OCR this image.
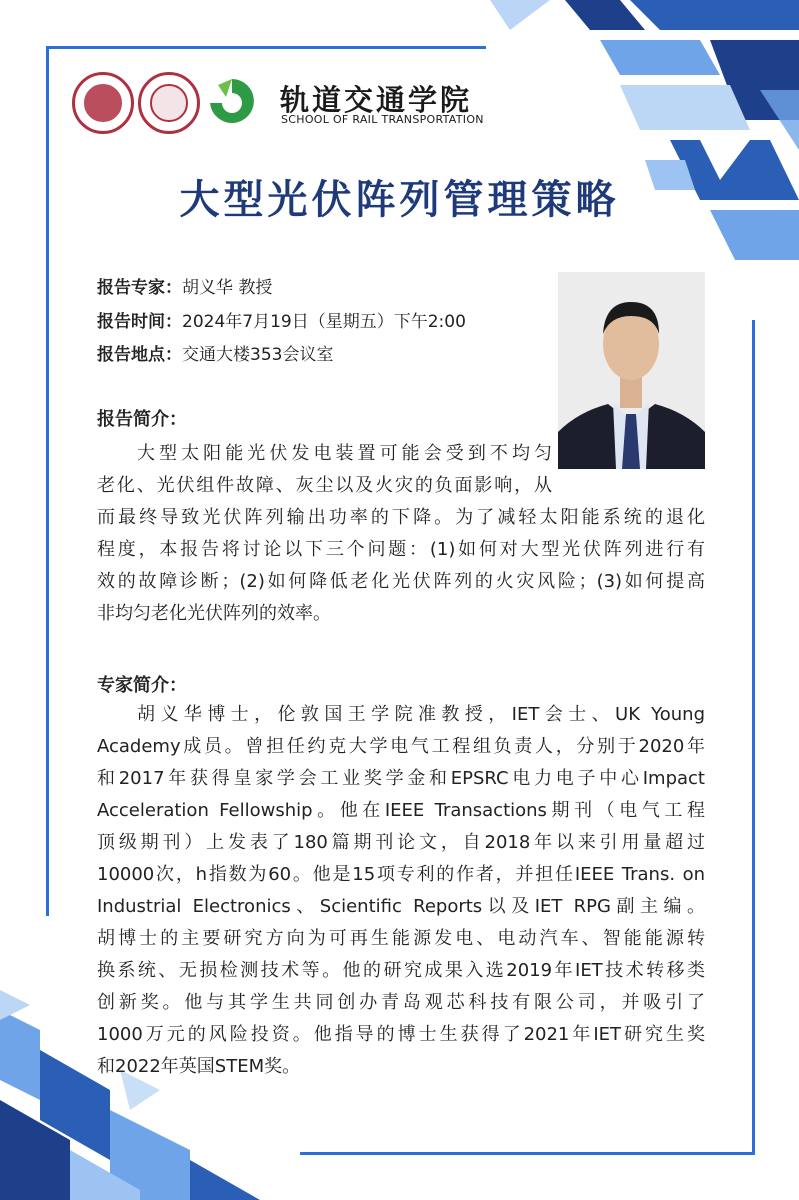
轨道交通学院
SCHOOL OF RAIL TRANSPORTATION
大型光伏阵列管理策略
报告专家：胡义华 教授
报告时间：2024年7月19日（星期五）下午2:00
报告地点：交通大楼353会议室
报告简介：
大型太阳能光伏发电装置可能会受到不均匀
老化、光伏组件故障、灰尘以及火灾的负面影响，从
而最终导致光伏阵列输出功率的下降。为了减轻太阳能系统的退化
程度，本报告将讨论以下三个问题：(1)如何对大型光伏阵列进行有
效的故障诊断；(2)如何降低老化光伏阵列的火灾风险；(3)如何提高
非均匀老化光伏阵列的效率。
专家简介：
胡义华博士，伦敦国王学院准教授，IET会士、UK Young
Academy成员。曾担任约克大学电气工程组负责人，分别于2020年
和2017年获得皇家学会工业奖学金和EPSRC电力电子中心Impact
Acceleration Fellowship。他在IEEE Transactions期刊（电气工程
顶级期刊）上发表了180篇期刊论文，自2018年以来引用量超过
10000次，h指数为60。他是15项专利的作者，并担任IEEE Trans. on
Industrial Electronics、Scientific Reports以及IET RPG副主编。
胡博士的主要研究方向为可再生能源发电、电动汽车、智能能源转
换系统、无损检测技术等。他的研究成果入选2019年IET技术转移类
创新奖。他与其学生共同创办青岛观芯科技有限公司，并吸引了
1000万元的风险投资。他指导的博士生获得了2021年IET研究生奖
和2022年英国STEM奖。
